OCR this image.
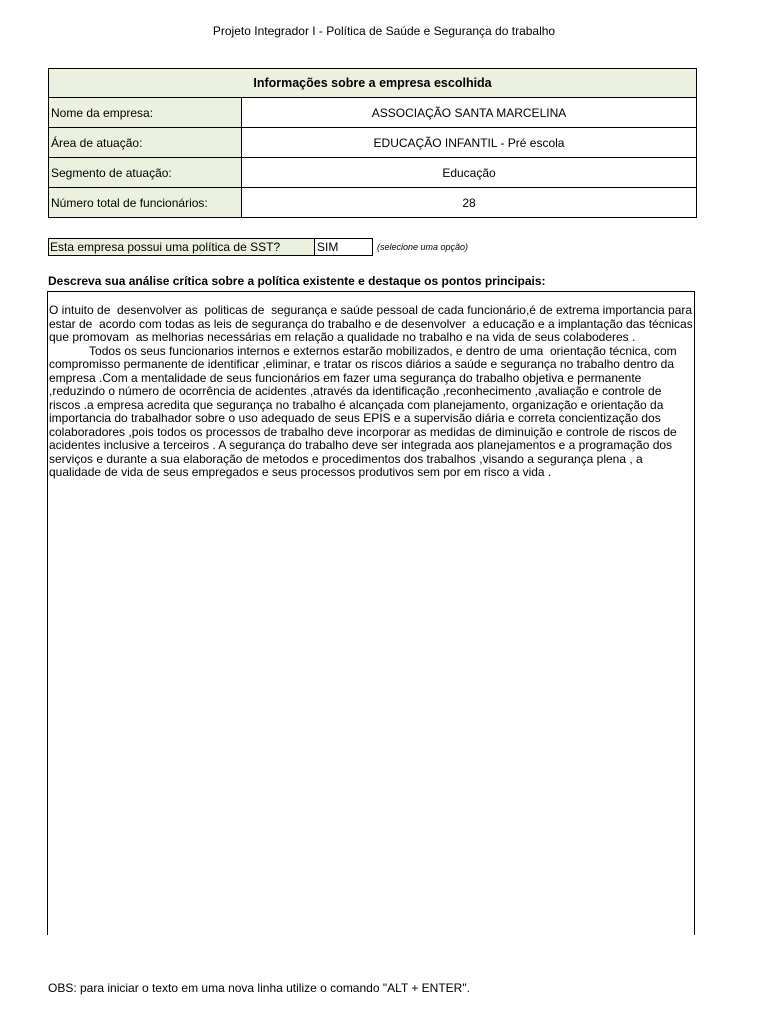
Projeto Integrador I - Política de Saúde e Segurança do trabalho
Informações sobre a empresa escolhida	
Nome da empresa:	ASSOCIAÇÃO SANTA MARCELINA
Área de atuação:	EDUCAÇÃO INFANTIL - Pré escola
Segmento de atuação:	Educação
Número total de funcionários:	28
Esta empresa possui uma política de SST?	SIM	(selecione uma opção)
Descreva sua análise crítica sobre a política existente e destaque os pontos principais:
O intuito de  desenvolver as  politicas de  segurança e saúde pessoal de cada funcionário,é de extrema importancia para estar de  acordo com todas as leis de segurança do trabalho e de desenvolver  a educação e a implantação das técnicas que promovam  as melhorias necessárias em relação a qualidade no trabalho e na vida de seus colaboderes .
Todos os seus funcionarios internos e externos estarão mobilizados, e dentro de uma  orientação técnica, com compromisso permanente de identificar ,eliminar, e tratar os riscos diários a saúde e segurança no trabalho dentro da empresa .Com a mentalidade de seus funcionários em fazer uma segurança do trabalho objetiva e permanente ,reduzindo o número de ocorrência de acidentes ,através da identificação ,reconhecimento ,avaliação e controle de riscos .a empresa acredita que segurança no trabalho é alcançada com planejamento, organização e orientação da importancia do trabalhador sobre o uso adequado de seus EPIS e a supervisão diária e correta concientização dos colaboradores ,pois todos os processos de trabalho deve incorporar as medidas de diminuição e controle de riscos de acidentes inclusive a terceiros . A segurança do trabalho deve ser integrada aos planejamentos e a programação dos serviços e durante a sua elaboração de metodos e procedimentos dos trabalhos ,visando a segurança plena , a qualidade de vida de seus empregados e seus processos produtivos sem por em risco a vida .
OBS: para iniciar o texto em uma nova linha utilize o comando "ALT + ENTER".
